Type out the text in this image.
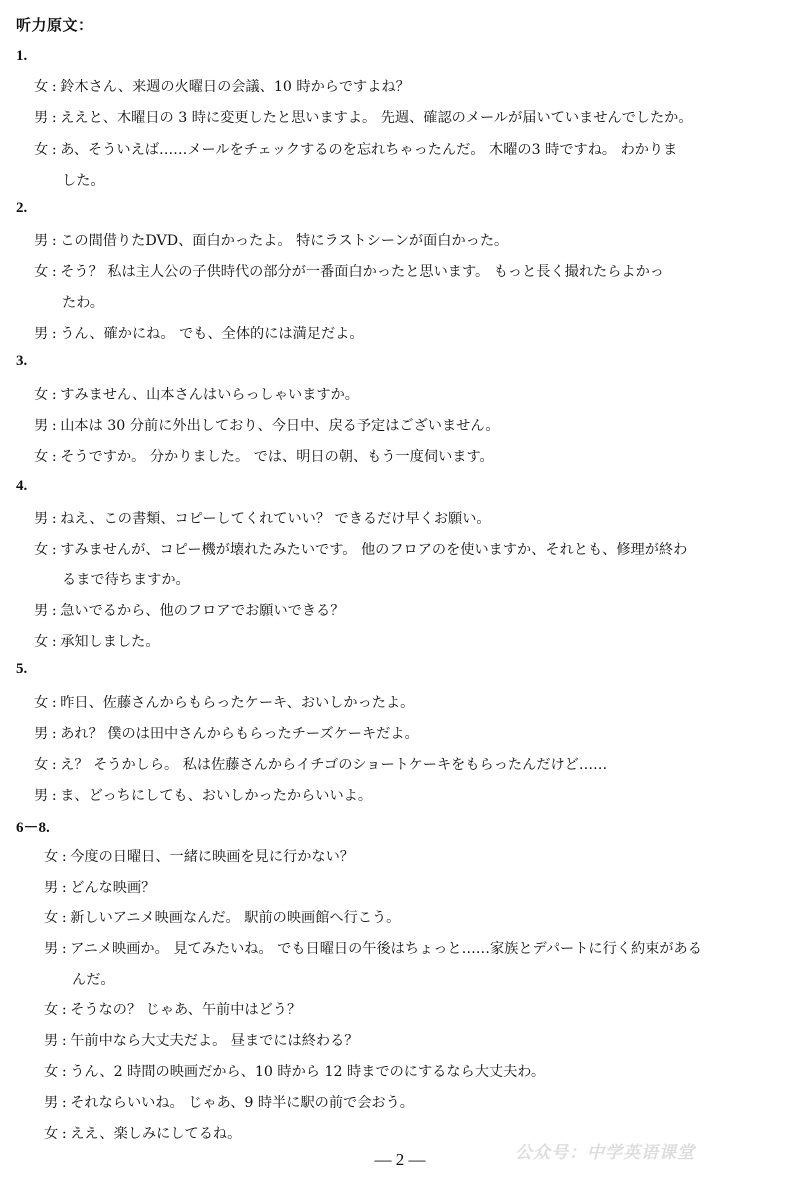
听力原文：
1.
女 : 鈴木さん、来週の火曜日の会議、10 時からですよね？
男 : ええと、木曜日の 3 時に変更したと思いますよ。 先週、確認のメールが届いていませんでしたか。
女 : あ、そういえば……メールをチェックするのを忘れちゃったんだ。 木曜の3 時ですね。 わかりま
した。
2.
男 : この間借りたDVD、面白かったよ。 特にラストシーンが面白かった。
女 : そう？ 私は主人公の子供時代の部分が一番面白かったと思います。 もっと長く撮れたらよかっ
たわ。
男 : うん、確かにね。 でも、全体的には満足だよ。
3.
女 : すみません、山本さんはいらっしゃいますか。
男 : 山本は 30 分前に外出しており、今日中、戻る予定はございません。
女 : そうですか。 分かりました。 では、明日の朝、もう一度伺います。
4.
男 : ねえ、この書類、コピーしてくれていい？ できるだけ早くお願い。
女 : すみませんが、コピー機が壊れたみたいです。 他のフロアのを使いますか、それとも、修理が終わ
るまで待ちますか。
男 : 急いでるから、他のフロアでお願いできる？
女 : 承知しました。
5.
女 : 昨日、佐藤さんからもらったケーキ、おいしかったよ。
男 : あれ？ 僕のは田中さんからもらったチーズケーキだよ。
女 : え？ そうかしら。 私は佐藤さんからイチゴのショートケーキをもらったんだけど……
男 : ま、どっちにしても、おいしかったからいいよ。
6－8.
女 : 今度の日曜日、一緒に映画を見に行かない？
男 : どんな映画？
女 : 新しいアニメ映画なんだ。 駅前の映画館へ行こう。
男 : アニメ映画か。 見てみたいね。 でも日曜日の午後はちょっと……家族とデパートに行く約束がある
んだ。
女 : そうなの？ じゃあ、午前中はどう？
男 : 午前中なら大丈夫だよ。 昼までには終わる？
女 : うん、2 時間の映画だから、10 時から 12 時までのにするなら大丈夫わ。
男 : それならいいね。 じゃあ、9 時半に駅の前で会おう。
女 : ええ、楽しみにしてるね。
— 2 —	公众号：中学英语课堂
